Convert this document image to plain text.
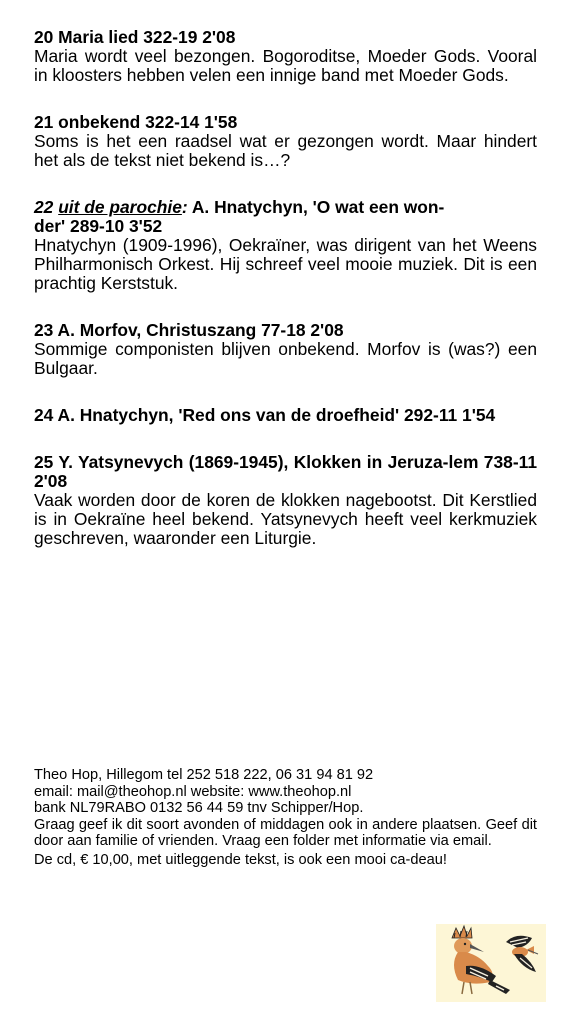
20 Maria lied 322-19 2'08

Maria wordt veel bezongen. Bogoroditse, Moeder Gods. Vooral in kloosters hebben velen een innige band met Moeder Gods.

21 onbekend 322-14 1'58

Soms is het een raadsel wat er gezongen wordt. Maar hindert het als de tekst niet bekend is…?

22 uit de parochie: A. Hnatychyn, 'O wat een won-
der' 289-10 3'52

Hnatychyn (1909-1996), Oekraïner, was dirigent van het Weens Philharmonisch Orkest. Hij schreef veel mooie muziek. Dit is een prachtig Kerststuk.

23 A. Morfov, Christuszang 77-18 2'08

Sommige componisten blijven onbekend. Morfov is (was?) een Bulgaar.

24 A. Hnatychyn, 'Red ons van de droefheid' 292-11 1'54

25 Y. Yatsynevych (1869-1945), Klokken in Jeruza-lem 738-11 2'08

Vaak worden door de koren de klokken nagebootst. Dit Kerstlied is in Oekraïne heel bekend. Yatsynevych heeft veel kerkmuziek geschreven, waaronder een Liturgie.

Theo Hop, Hillegom tel 252 518 222, 06 31 94 81 92

email: mail@theohop.nl website: www.theohop.nl

bank NL79RABO 0132 56 44 59 tnv Schipper/Hop.

Graag geef ik dit soort avonden of middagen ook in andere plaatsen. Geef dit door aan familie of vrienden. Vraag een folder met informatie via email.

De cd, € 10,00, met uitleggende tekst, is ook een mooi ca-deau!
